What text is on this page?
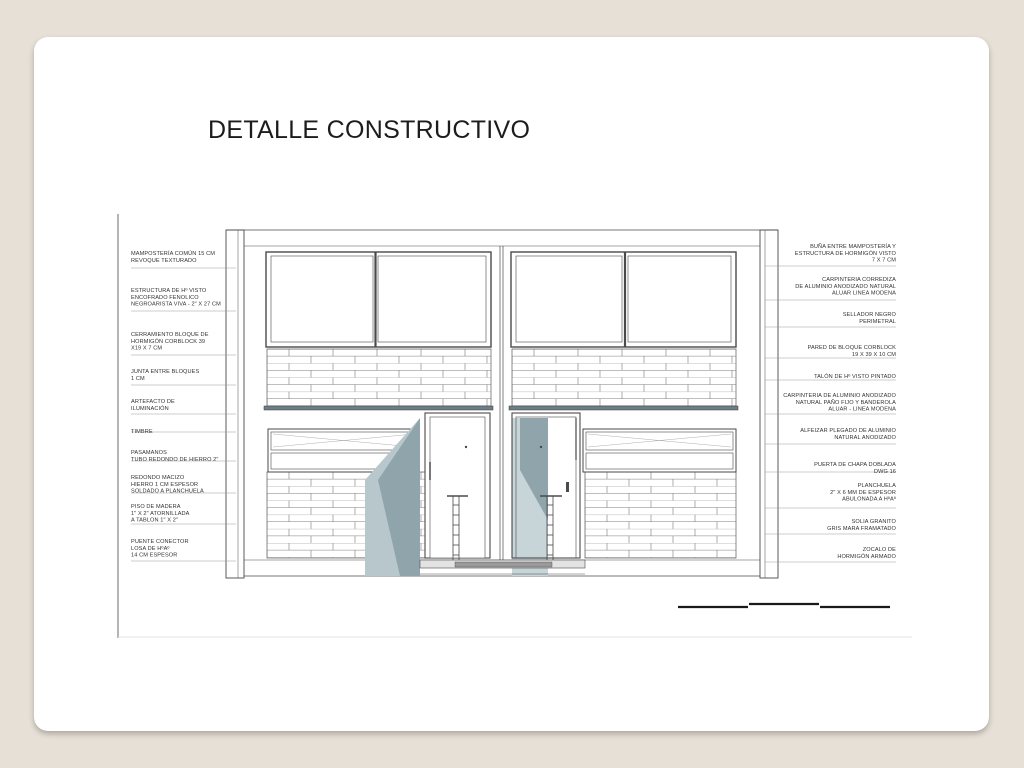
DETALLE CONSTRUCTIVO
MAMPOSTERÍA COMÚN 15 CM
REVOQUE TEXTURADO
ESTRUCTURA DE Hº VISTO
ENCOFRADO FENOLICO
NEGROARISTA VIVA - 2" X 27 CM
CERRAMIENTO BLOQUE DE
HORMIGÓN CORBLOCK 39
X19 X 7 CM
JUNTA ENTRE BLOQUES
1 CM
ARTEFACTO DE
ILUMINACIÓN
TIMBRE
PASAMANOS
TUBO REDONDO DE HIERRO 2"
REDONDO MACIZO
HIERRO 1 CM ESPESOR
SOLDADO A PLANCHUELA
PISO DE MADERA
1" X 2" ATORNILLADA
A TABLON 1" X 2"
PUENTE CONECTOR
LOSA DE HºAº
14 CM ESPESOR
BUÑA ENTRE MAMPOSTERÍA Y
ESTRUCTURA DE HORMIGÓN VISTO
7 X 7 CM
CARPINTERIA CORREDIZA
DE ALUMINIO ANODIZADO NATURAL
ALUAR LINEA MODENA
SELLADOR NEGRO
PERIMETRAL
PARED DE BLOQUE CORBLOCK
19 X 39 X 10 CM
TALÓN DE Hº VISTO PINTADO
CARPINTERIA DE ALUMINIO ANODIZADO
NATURAL PAÑO FIJO Y BANDEROLA
ALUAR - LINEA MODENA
ALFEIZAR PLEGADO DE ALUMINIO
NATURAL ANODIZADO
PUERTA DE CHAPA DOBLADA
DWG 16
PLANCHUELA
2" X 6 MM DE ESPESOR
ABULONADA A HºAº
SOLIA GRANITO
GRIS MARA FRAMATADO
ZOCALO DE
HORMIGÓN ARMADO
